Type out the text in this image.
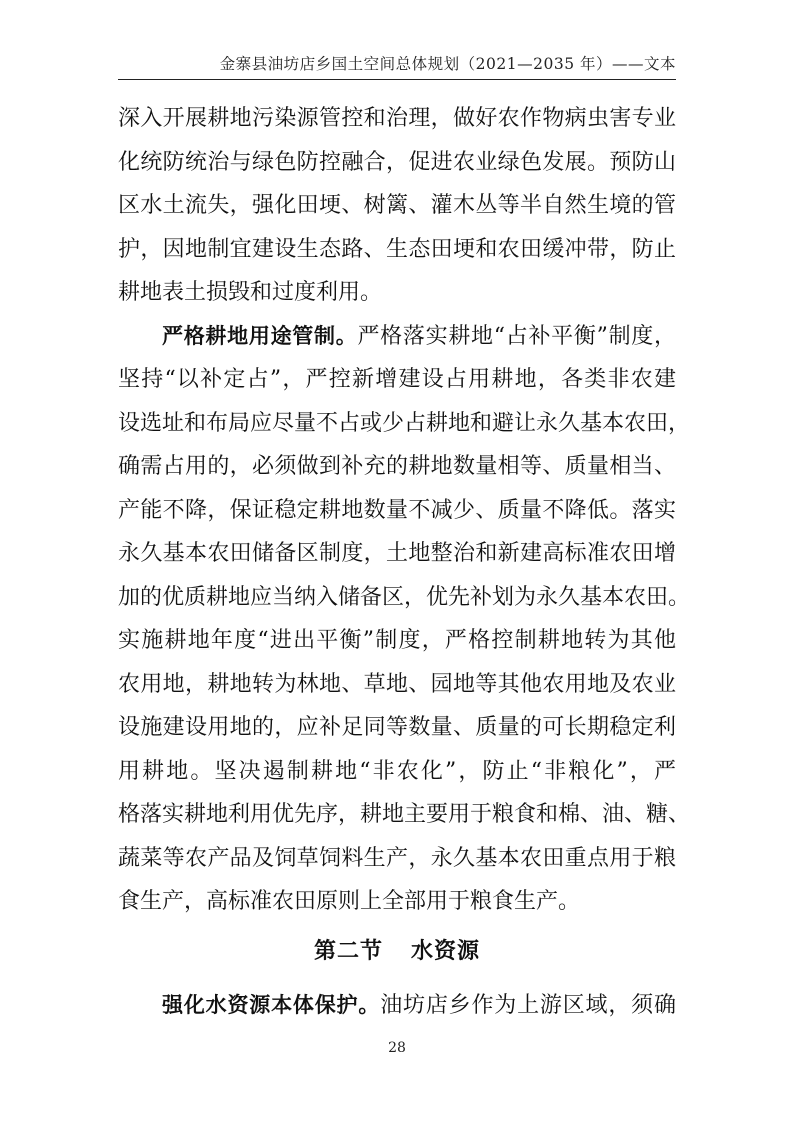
金寨县油坊店乡国土空间总体规划（2021—2035 年）——文本
深入开展耕地污染源管控和治理，做好农作物病虫害专业
化统防统治与绿色防控融合，促进农业绿色发展。预防山
区水土流失，强化田埂、树篱、灌木丛等半自然生境的管
护，因地制宜建设生态路、生态田埂和农田缓冲带，防止
耕地表土损毁和过度利用。
严格耕地用途管制。严格落实耕地“占补平衡”制度，
坚持“以补定占”，严控新增建设占用耕地，各类非农建
设选址和布局应尽量不占或少占耕地和避让永久基本农田，
确需占用的，必须做到补充的耕地数量相等、质量相当、
产能不降，保证稳定耕地数量不减少、质量不降低。落实
永久基本农田储备区制度，土地整治和新建高标准农田增
加的优质耕地应当纳入储备区，优先补划为永久基本农田。
实施耕地年度“进出平衡”制度，严格控制耕地转为其他
农用地，耕地转为林地、草地、园地等其他农用地及农业
设施建设用地的，应补足同等数量、质量的可长期稳定利
用耕地。坚决遏制耕地“非农化”，防止“非粮化”，严
格落实耕地利用优先序，耕地主要用于粮食和棉、油、糖、
蔬菜等农产品及饲草饲料生产，永久基本农田重点用于粮
食生产，高标准农田原则上全部用于粮食生产。
第二节 水资源
强化水资源本体保护。油坊店乡作为上游区域，须确
28
